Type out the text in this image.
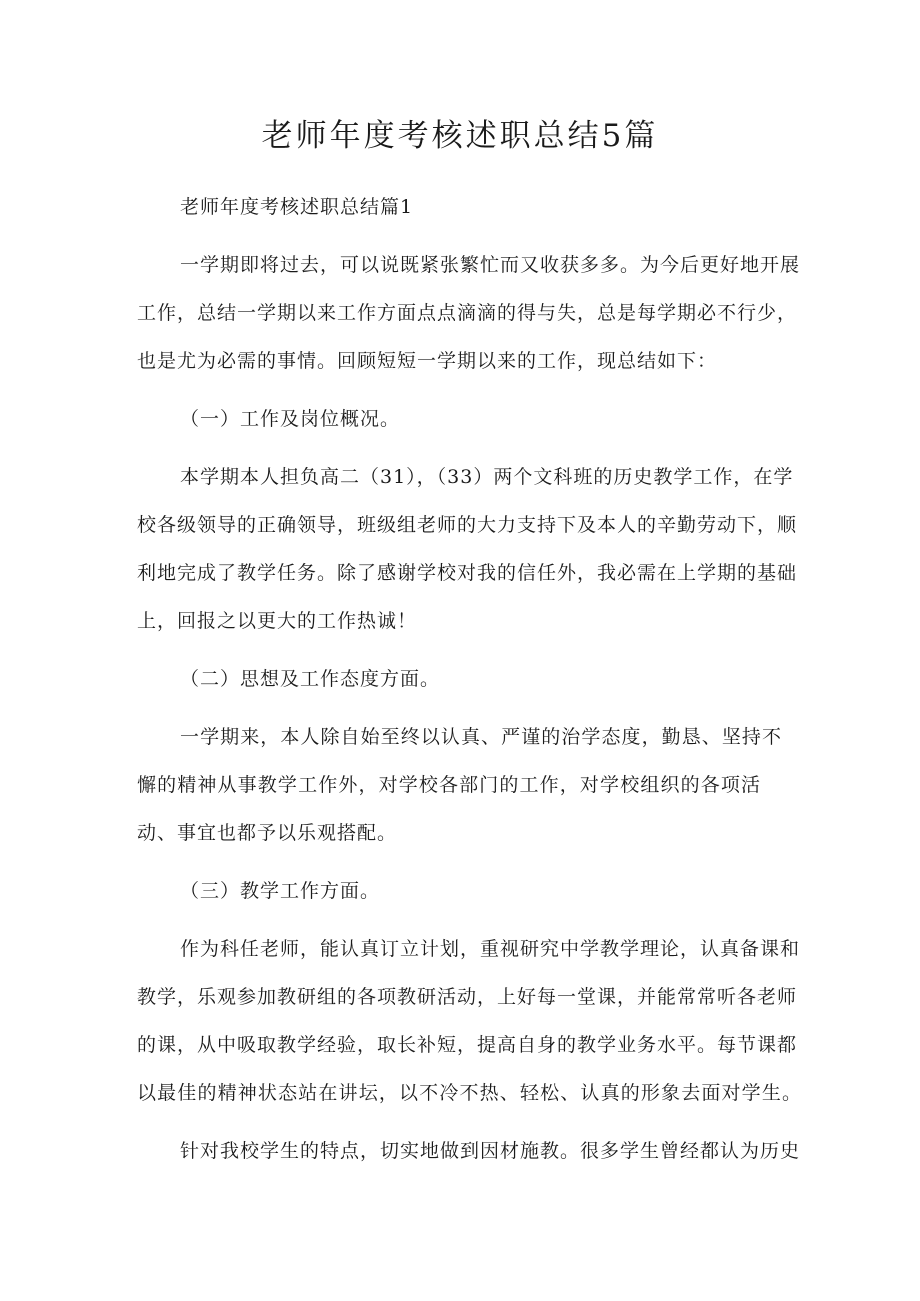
老师年度考核述职总结5篇
老师年度考核述职总结篇1
一学期即将过去，可以说既紧张繁忙而又收获多多。为今后更好地开展
工作，总结一学期以来工作方面点点滴滴的得与失，总是每学期必不行少，
也是尤为必需的事情。回顾短短一学期以来的工作，现总结如下：
（一）工作及岗位概况。
本学期本人担负高二（31），（33）两个文科班的历史教学工作，在学
校各级领导的正确领导，班级组老师的大力支持下及本人的辛勤劳动下，顺
利地完成了教学任务。除了感谢学校对我的信任外，我必需在上学期的基础
上，回报之以更大的工作热诚！
（二）思想及工作态度方面。
一学期来，本人除自始至终以认真、严谨的治学态度，勤恳、坚持不
懈的精神从事教学工作外，对学校各部门的工作，对学校组织的各项活
动、事宜也都予以乐观搭配。
（三）教学工作方面。
作为科任老师，能认真订立计划，重视研究中学教学理论，认真备课和
教学，乐观参加教研组的各项教研活动，上好每一堂课，并能常常听各老师
的课，从中吸取教学经验，取长补短，提高自身的教学业务水平。每节课都
以最佳的精神状态站在讲坛，以不冷不热、轻松、认真的形象去面对学生。
针对我校学生的特点，切实地做到因材施教。很多学生曾经都认为历史
